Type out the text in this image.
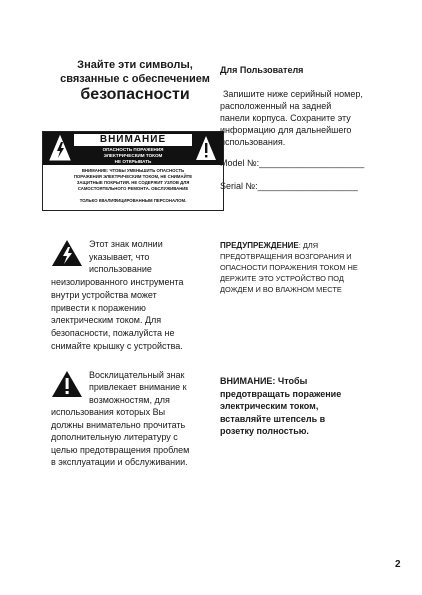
Знайте эти символы,
связанные с обеспечением
безопасности
ВНИМАНИЕ
ОПАСНОСТЬ ПОРАЖЕНИЯ
ЭЛЕКТРИЧЕСКИМ ТОКОМ
НЕ ОТКРЫВАТЬ
ВНИМАНИЕ: ЧТОБЫ УМЕНЬШИТЬ ОПАСНОСТЬ
ПОРАЖЕНИЯ ЭЛЕКТРИЧЕСКИМ ТОКОМ, НЕ СНИМАЙТЕ
ЗАЩИТНЫЕ ПОКРЫТИЯ. НЕ СОДЕРЖИТ УЗЛОВ ДЛЯ
САМОСТОЯТЕЛЬНОГО РЕМОНТА. ОБСЛУЖИВАНИЕ
ТОЛЬКО КВАЛИФИЦИРОВАННЫМ ПЕРСОНАЛОМ.
Этот знак молнии
указывает, что
использование
неизолированного инструмента
внутри устройства может
привести к поражению
электрическим током. Для
безопасности, пожалуйста не
снимайте крышку с устройства.
Восклицательный знак
привлекает внимание к
возможностям, для
использования которых Вы
должны внимательно прочитать
дополнительную литературу с
целью предотвращения проблем
в эксплуатации и обслуживании.
Для Пользователя
Запишите ниже серийный номер,
расположенный на задней
панели корпуса. Сохраните эту
информацию для дальнейшего
использования.
Model №:_____________________
Serial №:____________________
ПРЕДУПРЕЖДЕНИЕ: ДЛЯ
ПРЕДОТВРАЩЕНИЯ ВОЗГОРАНИЯ И
ОПАСНОСТИ ПОРАЖЕНИЯ ТОКОМ НЕ
ДЕРЖИТЕ ЭТО УСТРОЙСТВО ПОД
ДОЖДЕМ И ВО ВЛАЖНОМ МЕСТЕ
ВНИМАНИЕ: Чтобы
предотвращать поражение
электрическим током,
вставляйте штепсель в
розетку полностью.
2
